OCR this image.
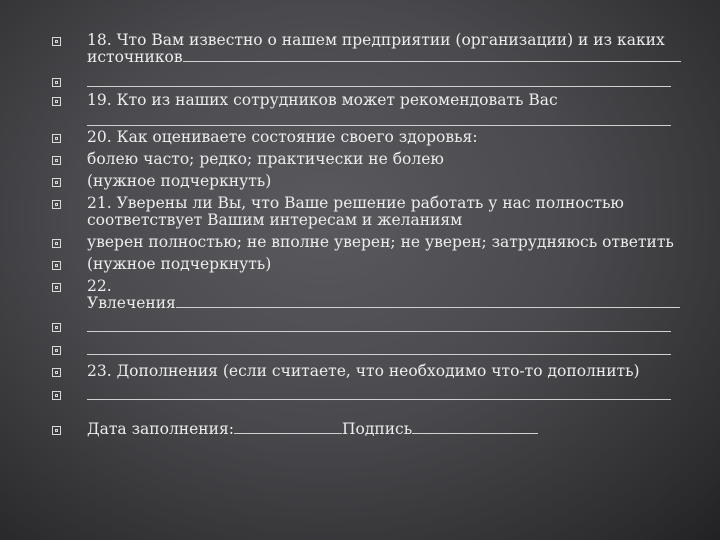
18. Что Вам известно о нашем предприятии (организации) и из каких
источников
19. Кто из наших сотрудников может рекомендовать Вас
20. Как оцениваете состояние своего здоровья:
болею часто; редко; практически не болею
(нужное подчеркнуть)
21. Уверены ли Вы, что Ваше решение работать у нас полностью
соответствует Вашим интересам и желаниям
уверен полностью; не вполне уверен; не уверен; затрудняюсь ответить
(нужное подчеркнуть)
22.
Увлечения
23. Дополнения (если считаете, что необходимо что-то дополнить)
Дата заполнения:	Подпись
